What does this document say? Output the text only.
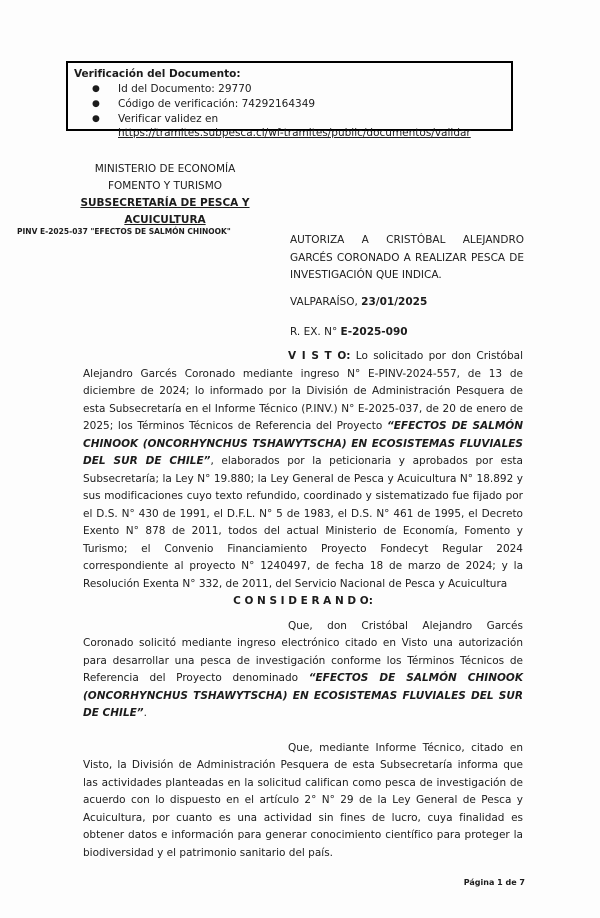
Verificación del Documento:
●	Id del Documento: 29770
●	Código de verificación: 74292164349
●	Verificar validez en
https://tramites.subpesca.cl/wf-tramites/public/documentos/validar
MINISTERIO DE ECONOMÍA
FOMENTO Y TURISMO
SUBSECRETARÍA DE PESCA Y
ACUICULTURA
PINV E-2025-037 "EFECTOS DE SALMÓN CHINOOK"
AUTORIZA A CRISTÓBAL ALEJANDRO GARCÉS CORONADO A REALIZAR PESCA DE INVESTIGACIÓN QUE INDICA.
VALPARAÍSO, 23/01/2025
R. EX. N° E-2025-090

V I S T O: Lo solicitado por don Cristóbal Alejandro Garcés Coronado mediante ingreso N° E-PINV-2024-557, de 13 de diciembre de 2024; lo informado por la División de Administración Pesquera de esta Subsecretaría en el Informe Técnico (P.INV.) N° E-2025-037, de 20 de enero de 2025; los Términos Técnicos de Referencia del Proyecto “EFECTOS DE SALMÓN CHINOOK (ONCORHYNCHUS TSHAWYTSCHA) EN ECOSISTEMAS FLUVIALES DEL SUR DE CHILE”, elaborados por la peticionaria y aprobados por esta Subsecretaría; la Ley N° 19.880; la Ley General de Pesca y Acuicultura N° 18.892 y sus modificaciones cuyo texto refundido, coordinado y sistematizado fue fijado por el D.S. N° 430 de 1991, el D.F.L. N° 5 de 1983, el D.S. N° 461 de 1995, el Decreto Exento N° 878 de 2011, todos del actual Ministerio de Economía, Fomento y Turismo; el Convenio Financiamiento Proyecto Fondecyt Regular 2024 correspondiente al proyecto N° 1240497, de fecha 18 de marzo de 2024; y la Resolución Exenta N° 332, de 2011, del Servicio Nacional de Pesca y Acuicultura

C O N S I D E R A N D O:

Que, don Cristóbal Alejandro Garcés Coronado solicitó mediante ingreso electrónico citado en Visto una autorización para desarrollar una pesca de investigación conforme los Términos Técnicos de Referencia del Proyecto denominado “EFECTOS DE SALMÓN CHINOOK (ONCORHYNCHUS TSHAWYTSCHA) EN ECOSISTEMAS FLUVIALES DEL SUR DE CHILE”.

Que, mediante Informe Técnico, citado en Visto, la División de Administración Pesquera de esta Subsecretaría informa que las actividades planteadas en la solicitud califican como pesca de investigación de acuerdo con lo dispuesto en el artículo 2° N° 29 de la Ley General de Pesca y Acuicultura, por cuanto es una actividad sin fines de lucro, cuya finalidad es obtener datos e información para generar conocimiento científico para proteger la biodiversidad y el patrimonio sanitario del país.

Página 1 de 7
